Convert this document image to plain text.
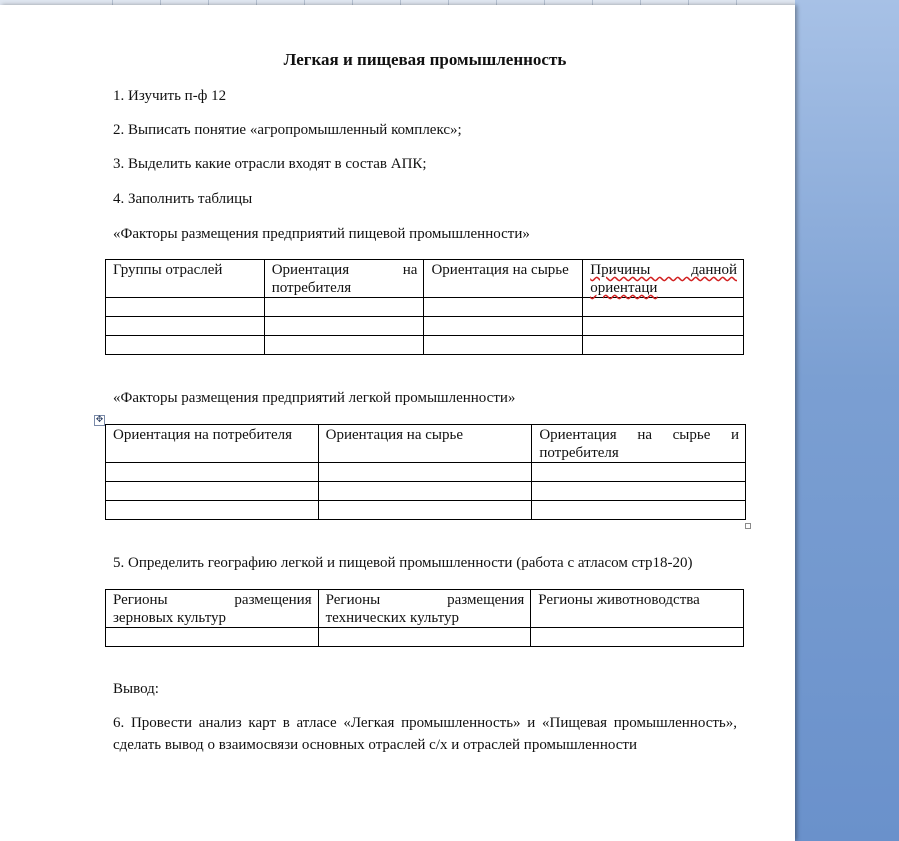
Легкая и пищевая промышленность
1. Изучить п-ф 12
2. Выписать понятие «агропромышленный комплекс»;
3. Выделить какие отрасли входят в состав АПК;
4. Заполнить таблицы
«Факторы размещения предприятий пищевой промышленности»
Группы отраслей	Ориентация на потребителя	Ориентация на сырье	Причины данной ориентаци

«Факторы размещения предприятий легкой промышленности»
✥
Ориентация на потребителя	Ориентация на сырье	Ориентация на сырье и потребителя

5. Определить географию легкой и пищевой промышленности (работа с атласом стр18-20)
Регионы размещения зерновых культур	Регионы размещения технических культур	Регионы животноводства

Вывод:
6. Провести анализ карт в атласе «Легкая промышленность» и «Пищевая промышленность», сделать вывод о взаимосвязи основных отраслей с/х и отраслей промышленности
